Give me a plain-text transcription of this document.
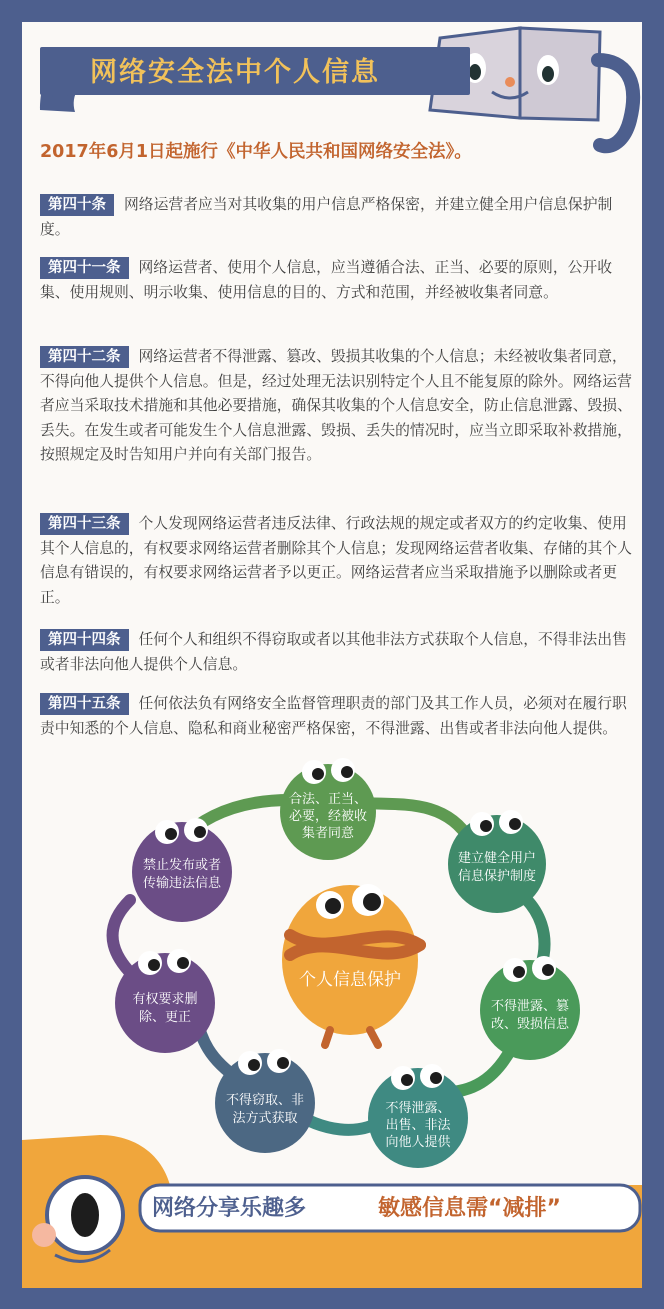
网络安全法中个人信息
2017年6月1日起施行《中华人民共和国网络安全法》。
第四十条 网络运营者应当对其收集的用户信息严格保密，并建立健全用户信息保护制度。
第四十一条 网络运营者、使用个人信息，应当遵循合法、正当、必要的原则，公开收集、使用规则、明示收集、使用信息的目的、方式和范围，并经被收集者同意。
第四十二条 网络运营者不得泄露、篡改、毁损其收集的个人信息；未经被收集者同意，不得向他人提供个人信息。但是，经过处理无法识别特定个人且不能复原的除外。网络运营者应当采取技术措施和其他必要措施，确保其收集的个人信息安全，防止信息泄露、毁损、丢失。在发生或者可能发生个人信息泄露、毁损、丢失的情况时，应当立即采取补救措施，按照规定及时告知用户并向有关部门报告。
第四十三条 个人发现网络运营者违反法律、行政法规的规定或者双方的约定收集、使用其个人信息的，有权要求网络运营者删除其个人信息；发现网络运营者收集、存储的其个人信息有错误的，有权要求网络运营者予以更正。网络运营者应当采取措施予以删除或者更正。
第四十四条 任何个人和组织不得窃取或者以其他非法方式获取个人信息，不得非法出售或者非法向他人提供个人信息。
第四十五条 任何依法负有网络安全监督管理职责的部门及其工作人员，必须对在履行职责中知悉的个人信息、隐私和商业秘密严格保密，不得泄露、出售或者非法向他人提供。
个人信息保护
合法、正当、
必要，经被收
集者同意
建立健全用户
信息保护制度
不得泄露、篡
改、毁损信息
不得泄露、
出售、非法
向他人提供
不得窃取、非
法方式获取
有权要求删
除、更正
禁止发布或者
传输违法信息
网络分享乐趣多	敏感信息需“减排”
